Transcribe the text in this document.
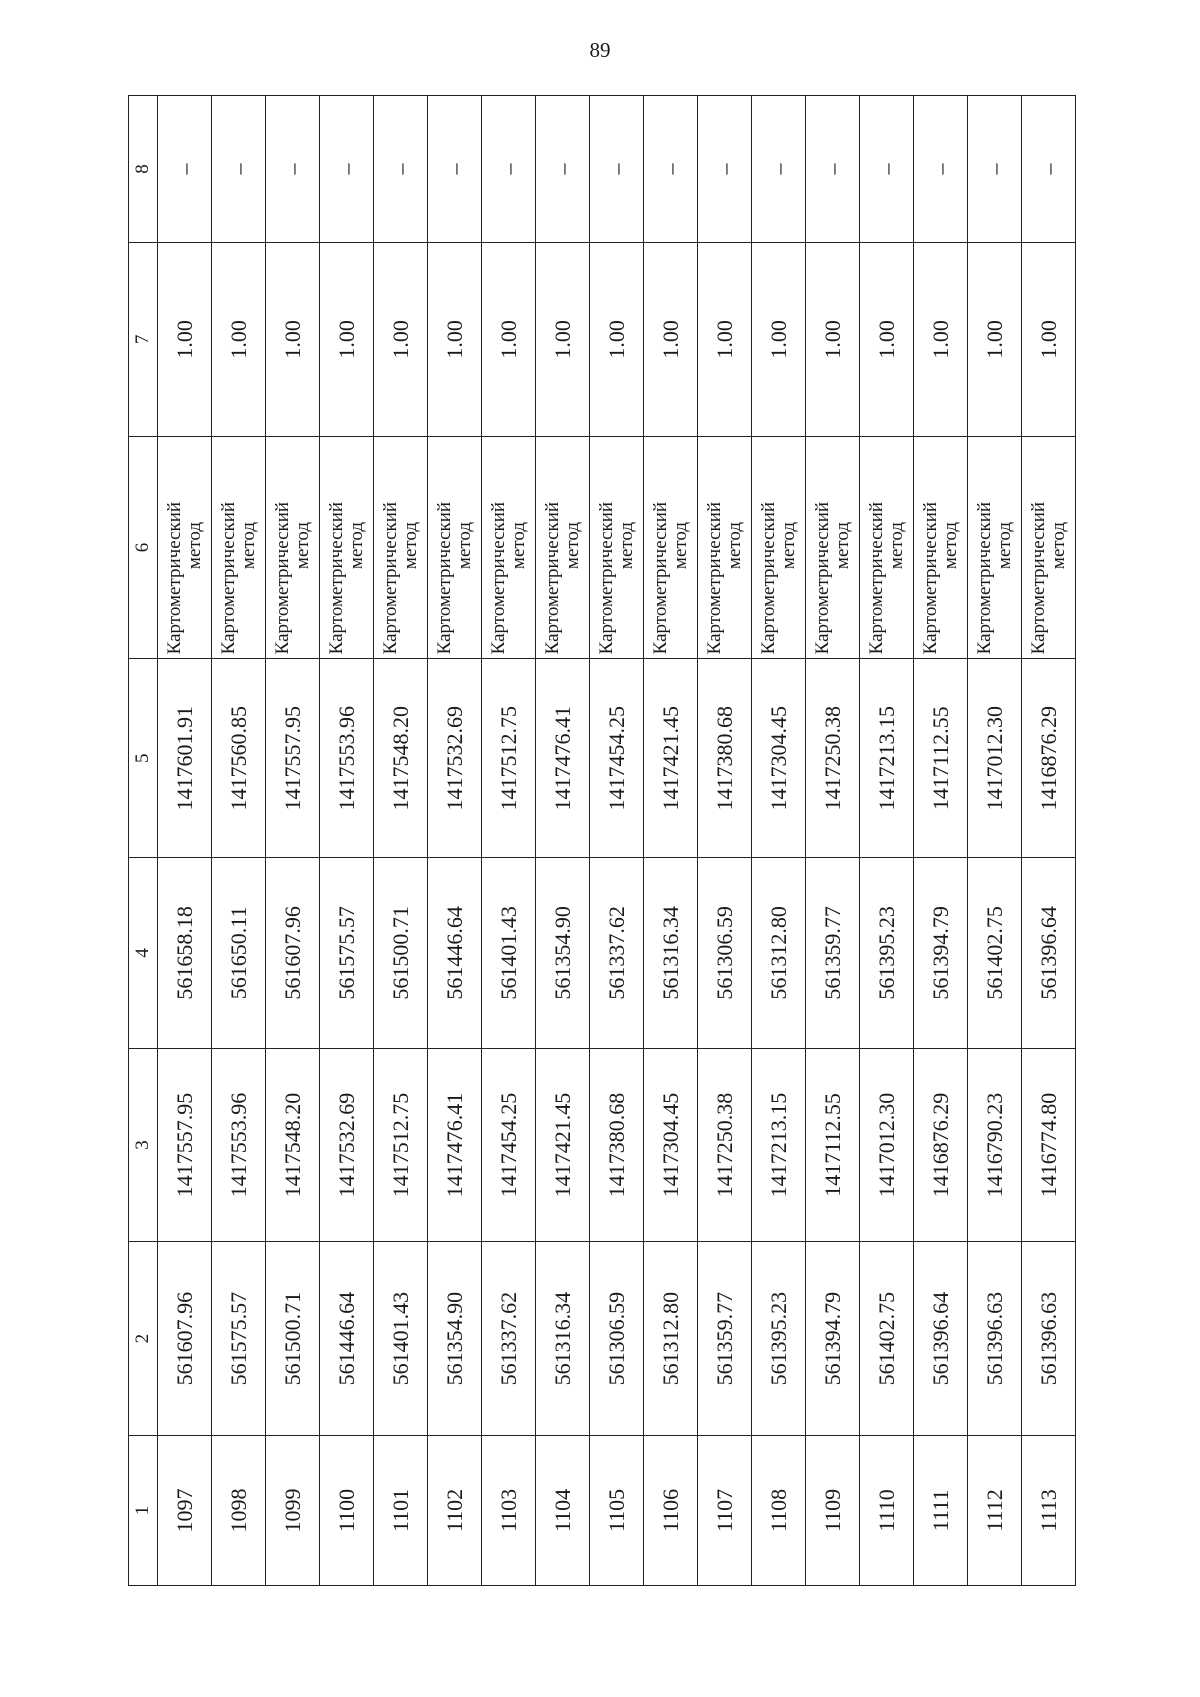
89
1	2	3	4	5	6	7	8
1097	561607.96	1417557.95	561658.18	1417601.91	Картометрический метод	1.00	–
1098	561575.57	1417553.96	561650.11	1417560.85	Картометрический метод	1.00	–
1099	561500.71	1417548.20	561607.96	1417557.95	Картометрический метод	1.00	–
1100	561446.64	1417532.69	561575.57	1417553.96	Картометрический метод	1.00	–
1101	561401.43	1417512.75	561500.71	1417548.20	Картометрический метод	1.00	–
1102	561354.90	1417476.41	561446.64	1417532.69	Картометрический метод	1.00	–
1103	561337.62	1417454.25	561401.43	1417512.75	Картометрический метод	1.00	–
1104	561316.34	1417421.45	561354.90	1417476.41	Картометрический метод	1.00	–
1105	561306.59	1417380.68	561337.62	1417454.25	Картометрический метод	1.00	–
1106	561312.80	1417304.45	561316.34	1417421.45	Картометрический метод	1.00	–
1107	561359.77	1417250.38	561306.59	1417380.68	Картометрический метод	1.00	–
1108	561395.23	1417213.15	561312.80	1417304.45	Картометрический метод	1.00	–
1109	561394.79	1417112.55	561359.77	1417250.38	Картометрический метод	1.00	–
1110	561402.75	1417012.30	561395.23	1417213.15	Картометрический метод	1.00	–
1111	561396.64	1416876.29	561394.79	1417112.55	Картометрический метод	1.00	–
1112	561396.63	1416790.23	561402.75	1417012.30	Картометрический метод	1.00	–
1113	561396.63	1416774.80	561396.64	1416876.29	Картометрический метод	1.00	–
